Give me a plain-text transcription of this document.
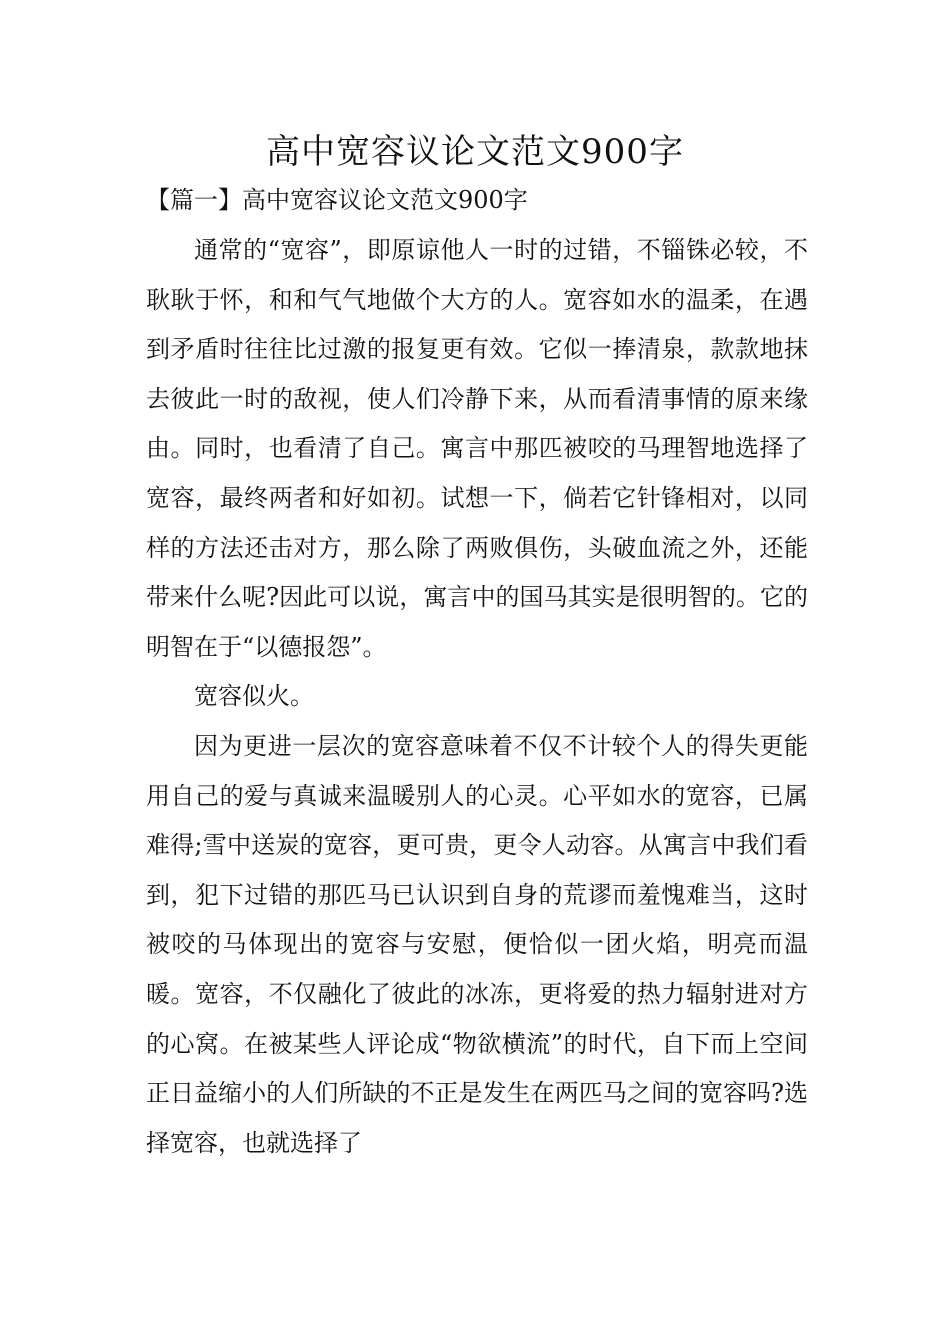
高中宽容议论文范文900字
【篇一】高中宽容议论文范文900字

通常的“宽容”，即原谅他人一时的过错，不锱铢必较，不耿耿于怀，和和气气地做个大方的人。宽容如水的温柔，在遇到矛盾时往往比过激的报复更有效。它似一捧清泉，款款地抹去彼此一时的敌视，使人们冷静下来，从而看清事情的原来缘由。同时，也看清了自己。寓言中那匹被咬的马理智地选择了宽容，最终两者和好如初。试想一下，倘若它针锋相对，以同样的方法还击对方，那么除了两败俱伤，头破血流之外，还能带来什么呢?因此可以说，寓言中的国马其实是很明智的。它的明智在于“以德报怨”。

宽容似火。

因为更进一层次的宽容意味着不仅不计较个人的得失更能用自己的爱与真诚来温暖别人的心灵。心平如水的宽容，已属难得;雪中送炭的宽容，更可贵，更令人动容。从寓言中我们看到，犯下过错的那匹马已认识到自身的荒谬而羞愧难当，这时被咬的马体现出的宽容与安慰，便恰似一团火焰，明亮而温暖。宽容，不仅融化了彼此的冰冻，更将爱的热力辐射进对方的心窝。在被某些人评论成“物欲横流”的时代，自下而上空间正日益缩小的人们所缺的不正是发生在两匹马之间的宽容吗?选择宽容，也就选择了
